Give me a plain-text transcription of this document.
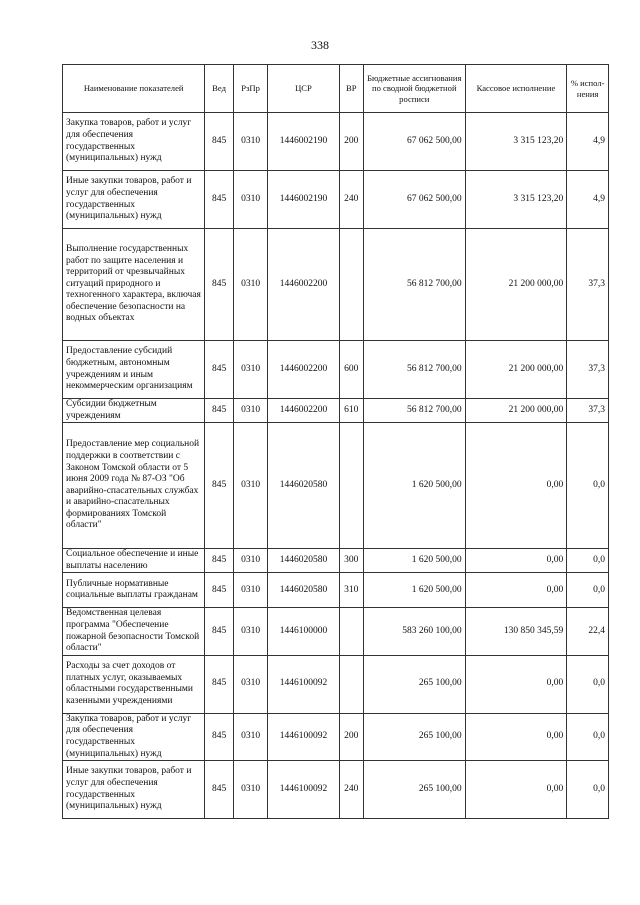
338
Наименование показателей	Вед	РзПр	ЦСР	ВР	Бюджетные ассигнования по сводной бюджетной росписи	Кассовое исполнение	% испол-нения
Закупка товаров, работ и услуг для обеспечения государственных (муниципальных) нужд	845	0310	1446002190	200	67 062 500,00	3 315 123,20	4,9
Иные закупки товаров, работ и услуг для обеспечения государственных (муниципальных) нужд	845	0310	1446002190	240	67 062 500,00	3 315 123,20	4,9
Выполнение государственных работ по защите населения и территорий от чрезвычайных ситуаций природного и техногенного характера, включая обеспечение безопасности на водных объектах	845	0310	1446002200		56 812 700,00	21 200 000,00	37,3
Предоставление субсидий бюджетным, автономным учреждениям и иным некоммерческим организациям	845	0310	1446002200	600	56 812 700,00	21 200 000,00	37,3
Субсидии бюджетным учреждениям	845	0310	1446002200	610	56 812 700,00	21 200 000,00	37,3
Предоставление мер социальной поддержки в соответствии с Законом Томской области от 5 июня 2009 года № 87-ОЗ "Об аварийно-спасательных службах и аварийно-спасательных формированиях Томской области"	845	0310	1446020580		1 620 500,00	0,00	0,0
Социальное обеспечение и иные выплаты населению	845	0310	1446020580	300	1 620 500,00	0,00	0,0
Публичные нормативные социальные выплаты гражданам	845	0310	1446020580	310	1 620 500,00	0,00	0,0
Ведомственная целевая программа "Обеспечение пожарной безопасности Томской области"	845	0310	1446100000		583 260 100,00	130 850 345,59	22,4
Расходы за счет доходов от платных услуг, оказываемых областными государственными казенными учреждениями	845	0310	1446100092		265 100,00	0,00	0,0
Закупка товаров, работ и услуг для обеспечения государственных (муниципальных) нужд	845	0310	1446100092	200	265 100,00	0,00	0,0
Иные закупки товаров, работ и услуг для обеспечения государственных (муниципальных) нужд	845	0310	1446100092	240	265 100,00	0,00	0,0
